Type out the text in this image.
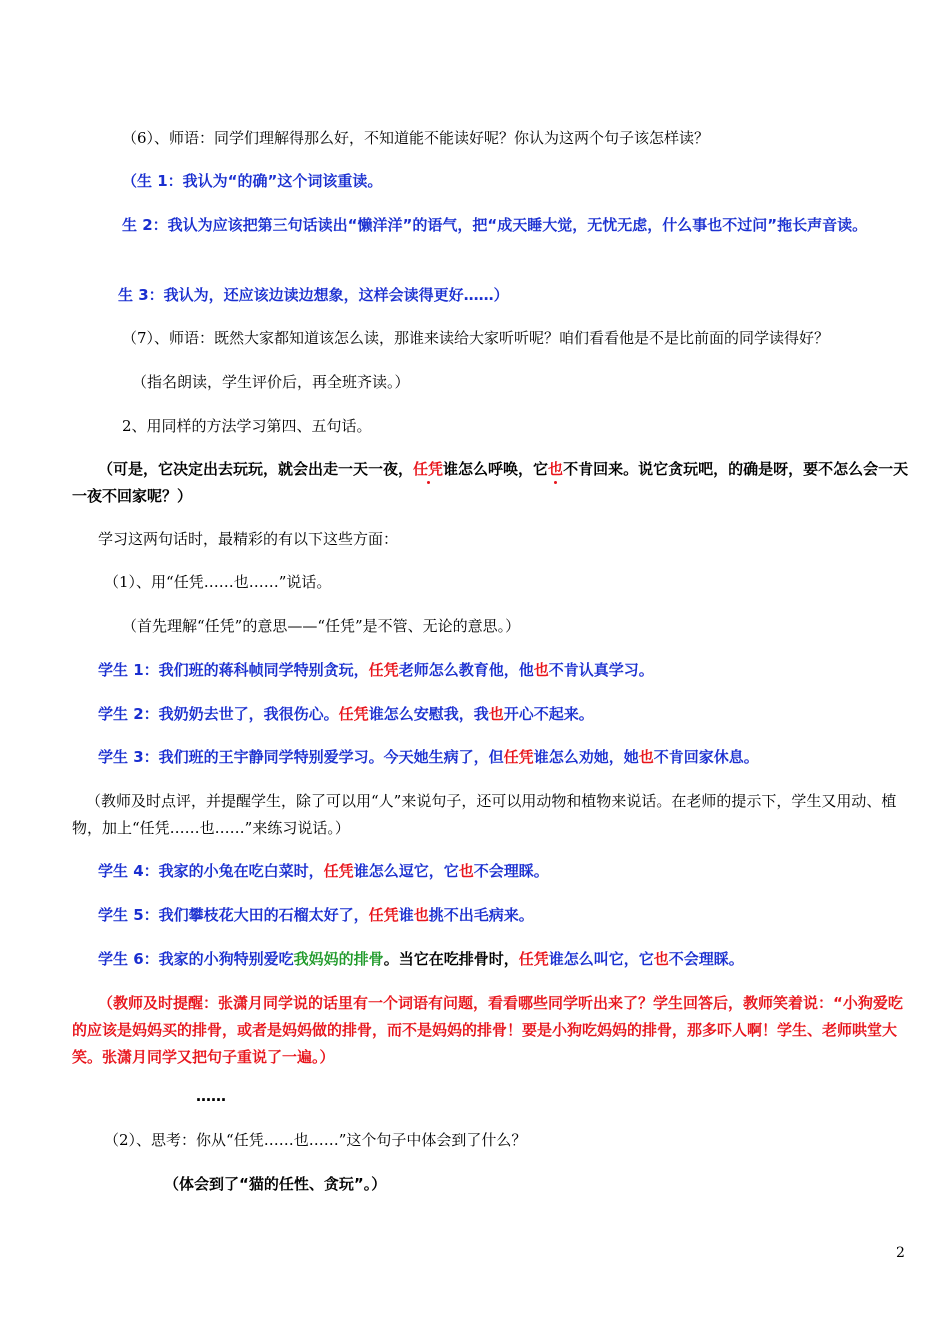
（6）、师语：同学们理解得那么好，不知道能不能读好呢？你认为这两个句子该怎样读？

（生 1：我认为“的确”这个词该重读。

生 2：我认为应该把第三句话读出“懒洋洋”的语气，把“成天睡大觉，无忧无虑，什么事也不过问”拖长声音读。

生 3：我认为，还应该边读边想象，这样会读得更好……）

（7）、师语：既然大家都知道该怎么读，那谁来读给大家听听呢？咱们看看他是不是比前面的同学读得好？

（指名朗读，学生评价后，再全班齐读。）

2、用同样的方法学习第四、五句话。

（可是，它决定出去玩玩，就会出走一天一夜，任凭谁怎么呼唤，它也不肯回来。说它贪玩吧，的确是呀，要不怎么会一天一夜不回家呢？）

学习这两句话时，最精彩的有以下这些方面：

（1）、用“任凭……也……”说话。

（首先理解“任凭”的意思——“任凭”是不管、无论的意思。）

学生 1：我们班的蒋科帧同学特别贪玩，任凭老师怎么教育他，他也不肯认真学习。

学生 2：我奶奶去世了，我很伤心。任凭谁怎么安慰我，我也开心不起来。

学生 3：我们班的王宇静同学特别爱学习。今天她生病了，但任凭谁怎么劝她，她也不肯回家休息。

（教师及时点评，并提醒学生，除了可以用“人”来说句子，还可以用动物和植物来说话。在老师的提示下，学生又用动、植物，加上“任凭……也……”来练习说话。）

学生 4：我家的小兔在吃白菜时，任凭谁怎么逗它，它也不会理睬。

学生 5：我们攀枝花大田的石榴太好了，任凭谁也挑不出毛病来。

学生 6：我家的小狗特别爱吃我妈妈的排骨。当它在吃排骨时，任凭谁怎么叫它，它也不会理睬。

（教师及时提醒：张潇月同学说的话里有一个词语有问题，看看哪些同学听出来了？学生回答后，教师笑着说：“小狗爱吃的应该是妈妈买的排骨，或者是妈妈做的排骨，而不是妈妈的排骨！要是小狗吃妈妈的排骨，那多吓人啊！学生、老师哄堂大笑。张潇月同学又把句子重说了一遍。）

……

（2）、思考：你从“任凭……也……”这个句子中体会到了什么？

（体会到了“猫的任性、贪玩”。）

2
